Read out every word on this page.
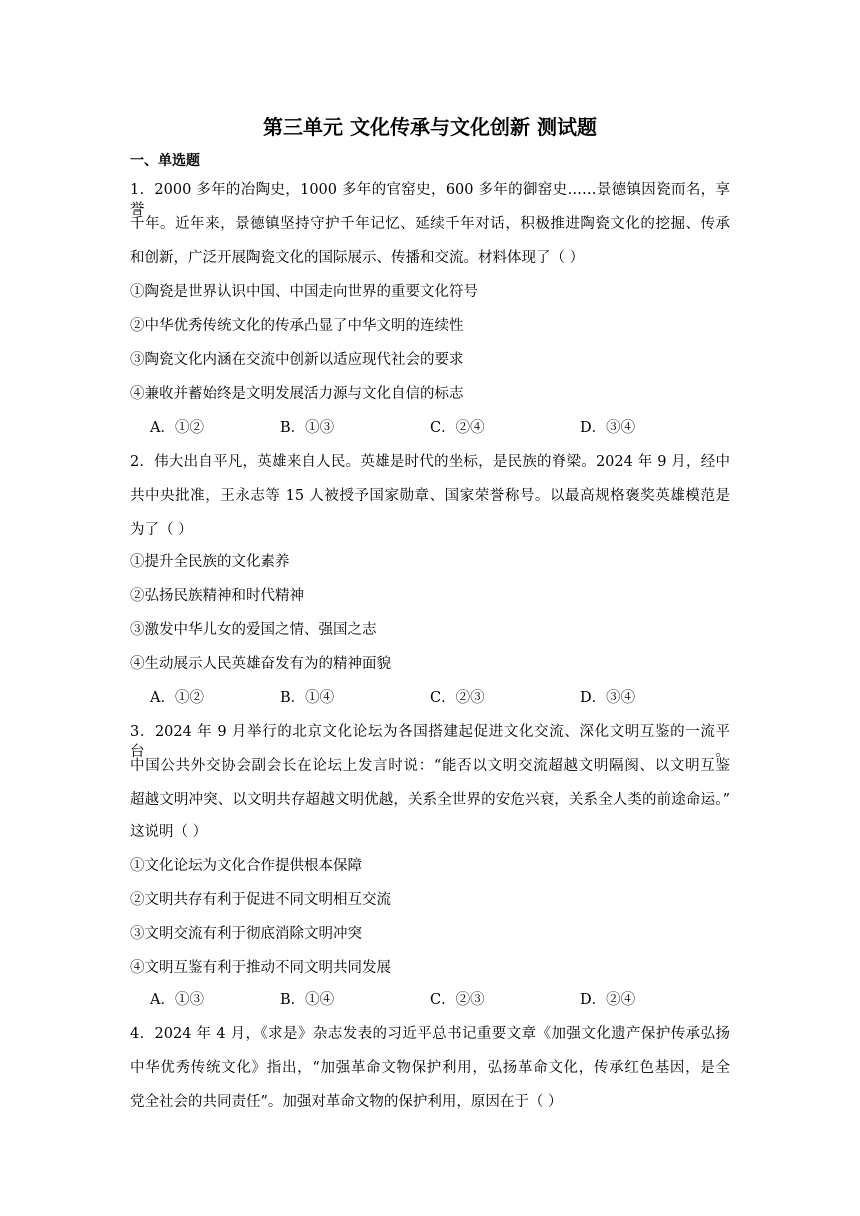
第三单元 文化传承与文化创新 测试题
一、单选题
1．2000 多年的冶陶史，1000 多年的官窑史，600 多年的御窑史……景德镇因瓷而名，享誉
千年。近年来，景德镇坚持守护千年记忆、延续千年对话，积极推进陶瓷文化的挖掘、传承
和创新，广泛开展陶瓷文化的国际展示、传播和交流。材料体现了（ ）
①陶瓷是世界认识中国、中国走向世界的重要文化符号
②中华优秀传统文化的传承凸显了中华文明的连续性
③陶瓷文化内涵在交流中创新以适应现代社会的要求
④兼收并蓄始终是文明发展活力源与文化自信的标志
A．①②	B．①③	C．②④	D．③④
2．伟大出自平凡，英雄来自人民。英雄是时代的坐标，是民族的脊梁。2024 年 9 月，经中
共中央批准，王永志等 15 人被授予国家勋章、国家荣誉称号。以最高规格褒奖英雄模范是
为了（ ）
①提升全民族的文化素养
②弘扬民族精神和时代精神
③激发中华儿女的爱国之情、强国之志
④生动展示人民英雄奋发有为的精神面貌
A．①②	B．①④	C．②③	D．③④
3．2024 年 9 月举行的北京文化论坛为各国搭建起促进文化交流、深化文明互鉴的一流平台。
中国公共外交协会副会长在论坛上发言时说：“能否以文明交流超越文明隔阂、以文明互鉴
超越文明冲突、以文明共存超越文明优越，关系全世界的安危兴衰，关系全人类的前途命运。”
这说明（ ）
①文化论坛为文化合作提供根本保障
②文明共存有利于促进不同文明相互交流
③文明交流有利于彻底消除文明冲突
④文明互鉴有利于推动不同文明共同发展
A．①③	B．①④	C．②③	D．②④
4．2024 年 4 月，《求是》杂志发表的习近平总书记重要文章《加强文化遗产保护传承弘扬
中华优秀传统文化》指出，“加强革命文物保护利用，弘扬革命文化，传承红色基因，是全
党全社会的共同责任”。加强对革命文物的保护利用，原因在于（ ）
